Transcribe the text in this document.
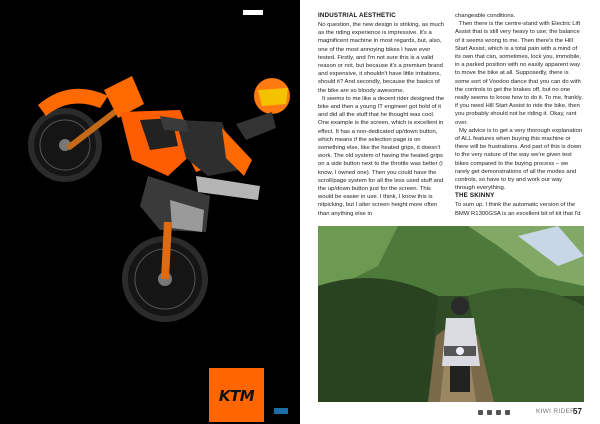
KTM
INDUSTRIAL AESTHETIC

No question, the new design is striking, as much as the riding experience is impressive. It's a magnificent machine in most regards, but, also, one of the most annoying bikes I have ever tested. Firstly, and I'm not sure this is a valid reason or not, but because it's a premium brand and expensive, it shouldn't have little irritations, should it? And secondly, because the basics of the bike are so bloody awesome.

It seems to me like a decent rider designed the bike and then a young IT engineer got hold of it and did all the stuff that he thought was cool. One example is the screen, which is excellent in effect. It has a non-dedicated up/down button, which means if the selection page is on something else, like the heated grips, it doesn't work. The old system of having the heated grips on a side button next to the throttle was better (I know, I owned one). Then you could have the scroll/page system for all the less used stuff and the up/down button just for the screen. This would be easier in use. I think, I know this is nitpicking, but I alter screen height more often than anything else in

changeable conditions.

Then there is the centre-stand with Electric Lift Assist that is still very heavy to use; the balance of it seems wrong to me. Then there's the Hill Start Assist, which is a total pain with a mind of its own that can, sometimes, lock you, immobile, in a parked position with no easily apparent way to move the bike at all. Supposedly, there is some sort of Voodoo dance that you can do with the controls to get the brakes off, but no one really seems to know how to do it. To me, frankly, if you need Hill Start Assist to ride the bike, then you probably should not be riding it. Okay, rant over.

My advice is to get a very thorough explanation of ALL features when buying this machine or there will be frustrations. And part of this is down to the very nature of the way we're given test bikes compared to the buying process – we rarely get demonstrations of all the modes and controls, so have to try and work our way through everything.

THE SKINNY

To sum up, I think the automatic version of the BMW R1300GSA is an excellent bit of kit that I'd

KIWI RIDER
57
